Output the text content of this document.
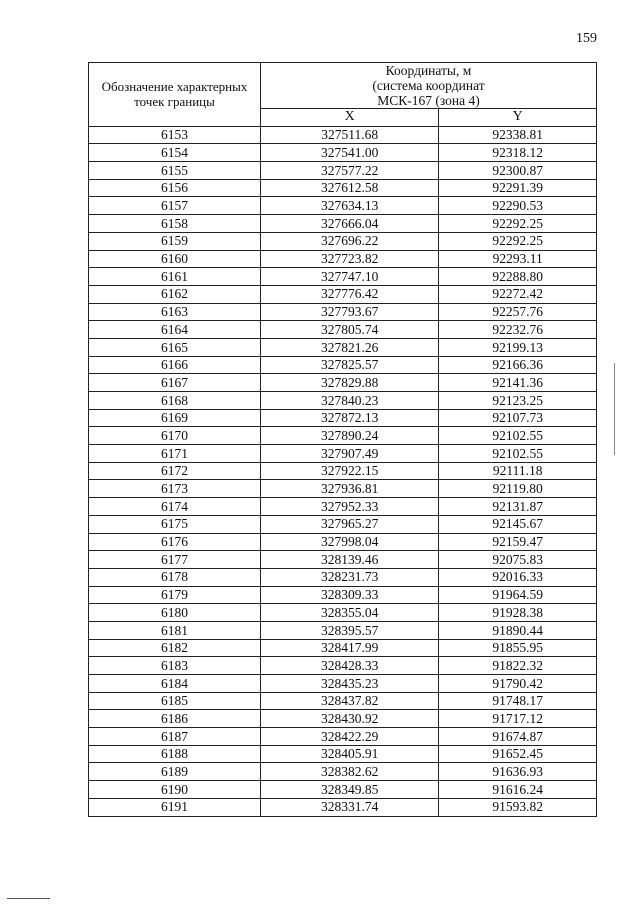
159
Обозначение характерных точек границы	Координаты, м
(система координат
МСК-167 (зона 4)	

	X	Y
6153	327511.68	92338.81
6154	327541.00	92318.12
6155	327577.22	92300.87
6156	327612.58	92291.39
6157	327634.13	92290.53
6158	327666.04	92292.25
6159	327696.22	92292.25
6160	327723.82	92293.11
6161	327747.10	92288.80
6162	327776.42	92272.42
6163	327793.67	92257.76
6164	327805.74	92232.76
6165	327821.26	92199.13
6166	327825.57	92166.36
6167	327829.88	92141.36
6168	327840.23	92123.25
6169	327872.13	92107.73
6170	327890.24	92102.55
6171	327907.49	92102.55
6172	327922.15	92111.18
6173	327936.81	92119.80
6174	327952.33	92131.87
6175	327965.27	92145.67
6176	327998.04	92159.47
6177	328139.46	92075.83
6178	328231.73	92016.33
6179	328309.33	91964.59
6180	328355.04	91928.38
6181	328395.57	91890.44
6182	328417.99	91855.95
6183	328428.33	91822.32
6184	328435.23	91790.42
6185	328437.82	91748.17
6186	328430.92	91717.12
6187	328422.29	91674.87
6188	328405.91	91652.45
6189	328382.62	91636.93
6190	328349.85	91616.24
6191	328331.74	91593.82
